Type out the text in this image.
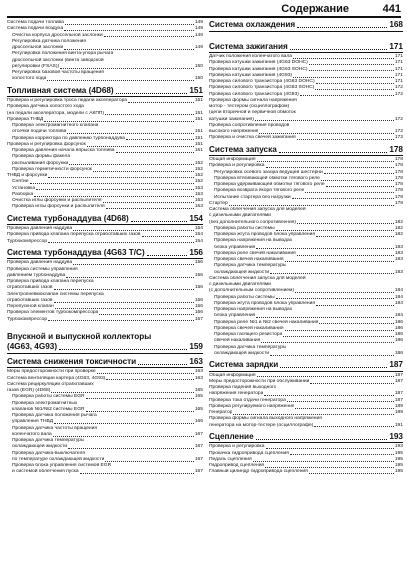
Содержание	441
Система подачи топлива	149
Система подачи воздуха	149
Очистка корпуса дроссельной заслонки	149
Регулировка датчика положения
дроссельной заслонки	149
Регулировка положения винта-упора рычага
дроссельной заслонки (винта заводской
регулировки (FSAS))	150
Регулировка базовой частоты вращения
холостого хода	150
Топливная система (4D68)	151
Проверка и регулировка троса педали акселератора	151
Проверка датчика холостого хода
(на педали акселератора, модели с АКПП)	151
Проверка ТНВД	151
Проверка электромагнитного клапана
отсечки подачи топлива	151
Проверка корректора по давлению турбонаддува	151
Проверка и регулировка форсунок	151
Проверка давления начала впрыска топлива	151
Проверка формы факела
распыливания форсунки	152
Проверка герметичности форсунок	152
ТНВД и форсунки	152
Снятие	152
Установка	153
Разборка	153
Очистка иглы форсунки и распылителя	153
Проверка иглы форсунки и распылителя	153
Система турбонаддува (4D68)	154
Проверка давления наддува	154
Проверка привода клапана перепуска отработавших газов	154
Турбокомпрессор	154
Система турбонаддува (4G63 T/C)	156
Проверка давления наддува	156
Проверка системы управления
давлением турбонаддува	156
Проверка привода клапана перепуска
отработавших газов	156
Электропневмоклапан системы перепуска
отработавших газов	156
Перепускной клапан	156
Проверка элементов турбокомпрессора	156
Турбокомпрессор	157
Впускной и выпускной коллекторы
(4G63, 4G93)	159
Система снижения токсичности	163
Меры предосторожности при проверке	163
Система вентиляции картера (4G63, 4G93)	163
Система рециркуляции отработавших
газов (EGR) (4D68)	165
Проверка работы системы EGR	165
Проверка электромагнитных
клапанов №1/№2 системы EGR	165
Проверка датчика положения рычага
управления ТНВД	166
Проверка датчика частоты вращения
коленчатого вала	167
Проверка датчика температуры
охлаждающей жидкости	167
Проверка датчика-выключателя
по температуре охлаждающей жидкости	167
Проверка блока управления системой EGR
и системой облегчения пуска	167
Система охлаждения	168
Система зажигания	171
Датчик положения коленчатого вала	171
Проверка катушки зажигания (4G63 DOHC)	171
Проверка катушки зажигания (4G63 SOHC)	171
Проверка катушки зажигания (4G93)	171
Проверка силового транзистора (4G63 DOHC)	171
Проверка силового транзистора (4G63 SOHC)	172
Проверка силового транзистора (4G93)	172
Проверка формы сигнала напряжения
мотор - тестером (осциллографом)
(цепи вторичной и первичной обмоток
катушки зажигания)	172
Проверка сопротивления проводов
высокого напряжения	172
Проверка и очистка свечей зажигания	173
Система запуска	178
Общая информация	178
Проверка и регулировка	178
Регулировка осевого зазора ведущей шестерни	178
Проверка втягивающей обмотки тягового реле	178
Проверка удерживающей обмотки тягового реле	178
Проверка возврата якоря тягового реле	178
Испытание стартера без нагрузки	179
Стартер	179
Система облегчения запуска для моделей
с дизельными двигателями
(без дополнительного сопротивления)	182
Проверка работы системы	182
Проверка жгута проводов блока управления	182
Проверка напряжения на выводах
блока управления	183
Проверка реле свечей накаливания	183
Проверка свечей накаливания	183
Проверка датчика температуры
охлаждающей жидкости	183
Система облегчения запуска для моделей
с дизельными двигателями
(с дополнительным сопротивлением)	184
Проверка работы системы	184
Проверка жгута проводов блока управления	184
Проверка напряжения на выводах
блока управления	184
Проверка реле №1 и №2 свечей накаливания	186
Проверка свечей накаливания	186
Проверка гасящего резистора	186
свечей накаливания	186
Проверка датчика температуры
охлаждающей жидкости	186
Система зарядки	187
Общая информация	187
Меры предосторожности при обслуживании	187
Проверка падения выходного
напряжения генератора	187
Проверка тока отдачи генератора	187
Проверка регулируемого напряжения	189
Генератор	189
Проверка формы сигнала выходного напряжения
генератора на мотор-тестере (осциллографе)	191
Сцепление	193
Проверка и регулировка	193
Прокачка гидропривода сцепления	195
Педаль сцепления	195
Гидропривод сцепления	195
Главный цилиндр гидропривода сцепления	195
